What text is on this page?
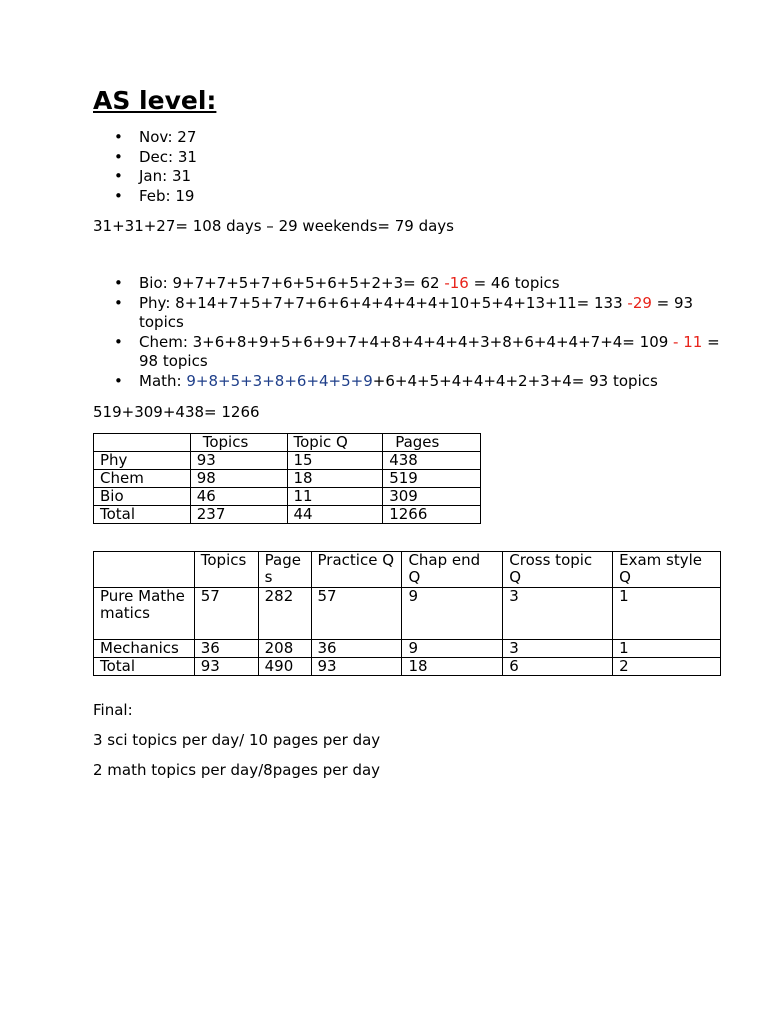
AS level:
• Nov: 27
• Dec: 31
• Jan: 31
• Feb: 19

31+31+27= 108 days – 29 weekends= 79 days

• Bio: 9+7+7+5+7+6+5+6+5+2+3= 62 -16 = 46 topics
• Phy: 8+14+7+5+7+7+6+6+4+4+4+4+10+5+4+13+11= 133 -29 = 93 topics
• Chem: 3+6+8+9+5+6+9+7+4+8+4+4+4+3+8+6+4+4+7+4= 109 - 11 = 98 topics
• Math: 9+8+5+3+8+6+4+5+9+6+4+5+4+4+4+2+3+4= 93 topics

519+309+438= 1266

	Topics	Topic Q	Pages
Phy	93	15	438
Chem	98	18	519
Bio	46	11	309
Total	237	44	1266
	Topics	Pages	Practice Q	Chap end Q	Cross topic Q	Exam style Q
Pure Mathematics	57	282	57	9	3	1
Mechanics	36	208	36	9	3	1
Total	93	490	93	18	6	2

Final:

3 sci topics per day/ 10 pages per day

2 math topics per day/8pages per day
